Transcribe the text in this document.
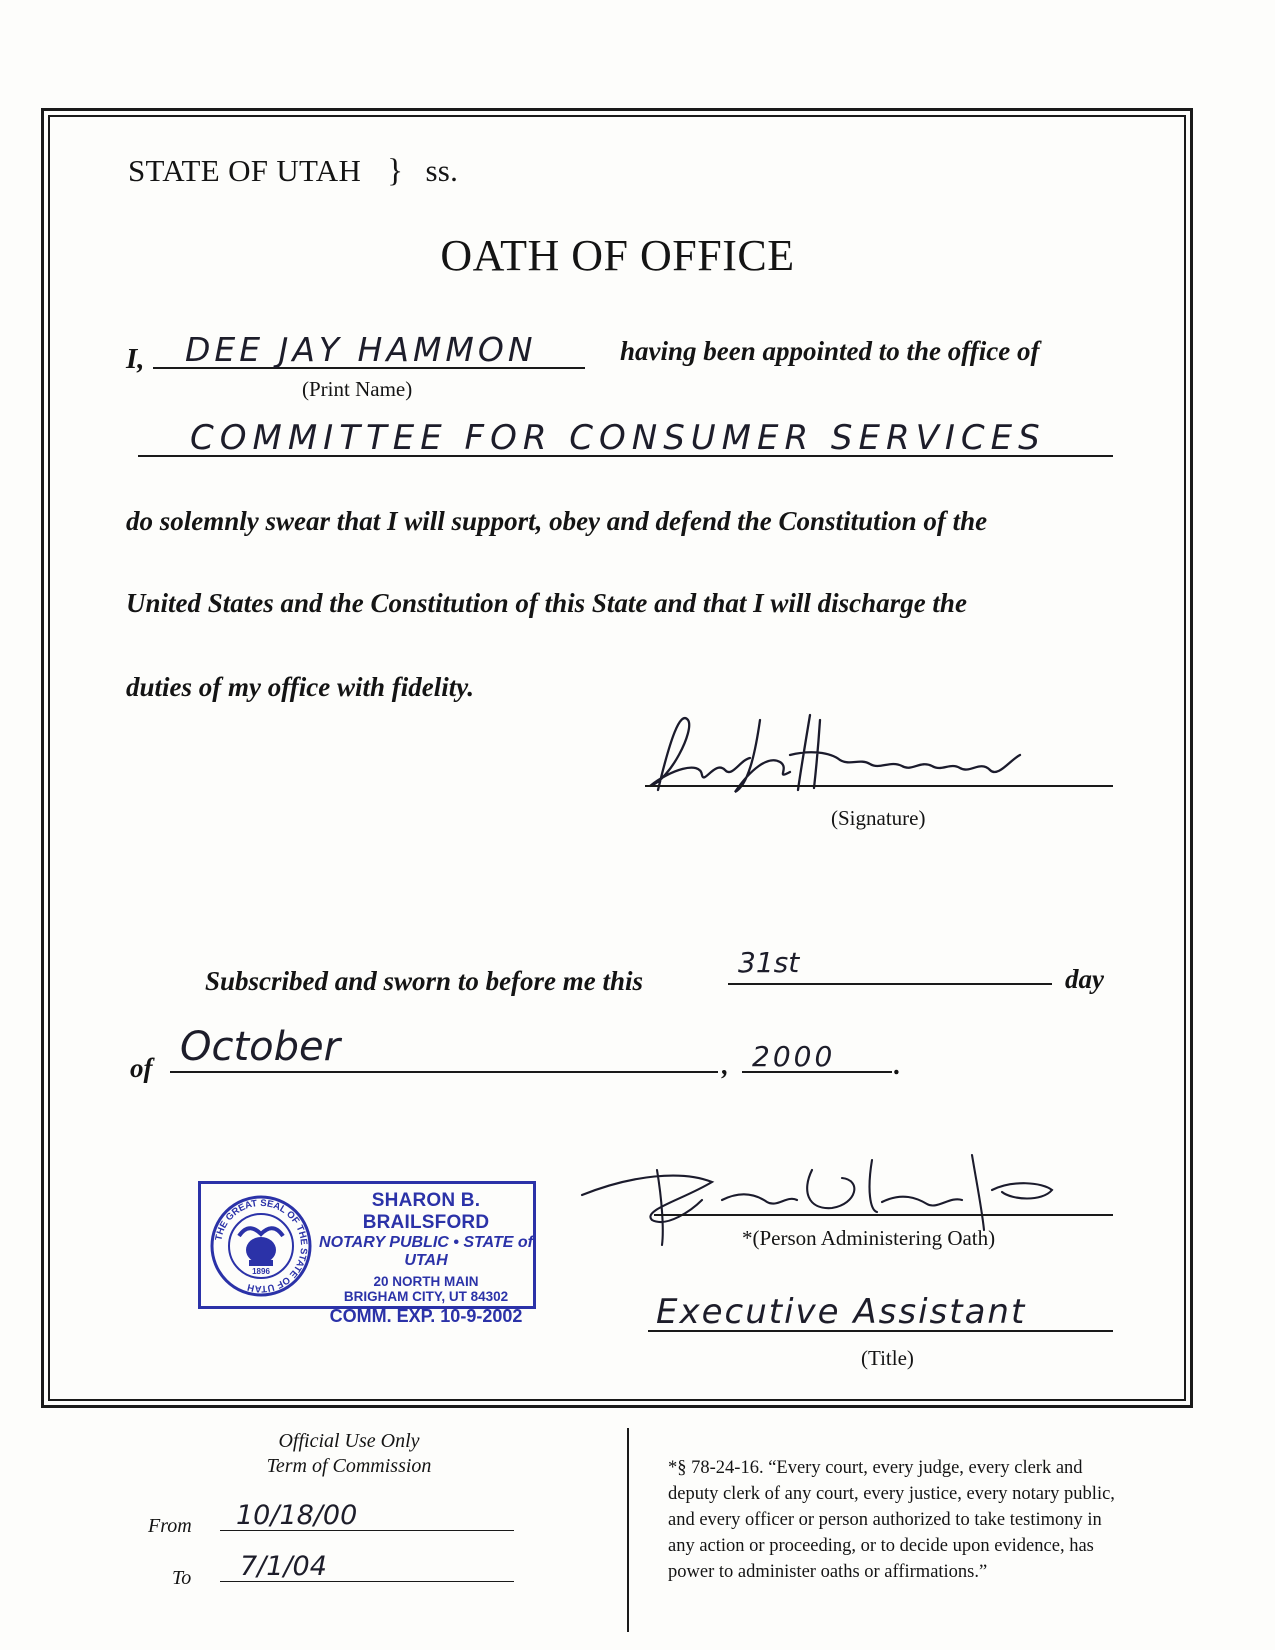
STATE OF UTAH } ss.
OATH OF OFFICE
I, DEE JAY HAMMON	having been appointed to the office of
(Print Name)
COMMITTEE FOR CONSUMER SERVICES
do solemnly swear that I will support, obey and defend the Constitution of the
United States and the Constitution of this State and that I will discharge the
duties of my office with fidelity.
(Signature)
Subscribed and sworn to before me this
31st	day
of October	, 2000 .
THE GREAT SEAL OF THE STATE OF UTAH
1896
SHARON B. BRAILSFORD
NOTARY PUBLIC • STATE of UTAH
20 NORTH MAIN
BRIGHAM CITY, UT 84302
COMM. EXP. 10-9-2002
*(Person Administering Oath)
Executive Assistant
(Title)
Official Use Only
Term of Commission
From 10/18/00
To 7/1/04
*§ 78-24-16. “Every court, every judge, every clerk and
deputy clerk of any court, every justice, every notary public,
and every officer or person authorized to take testimony in
any action or proceeding, or to decide upon evidence, has
power to administer oaths or affirmations.”
